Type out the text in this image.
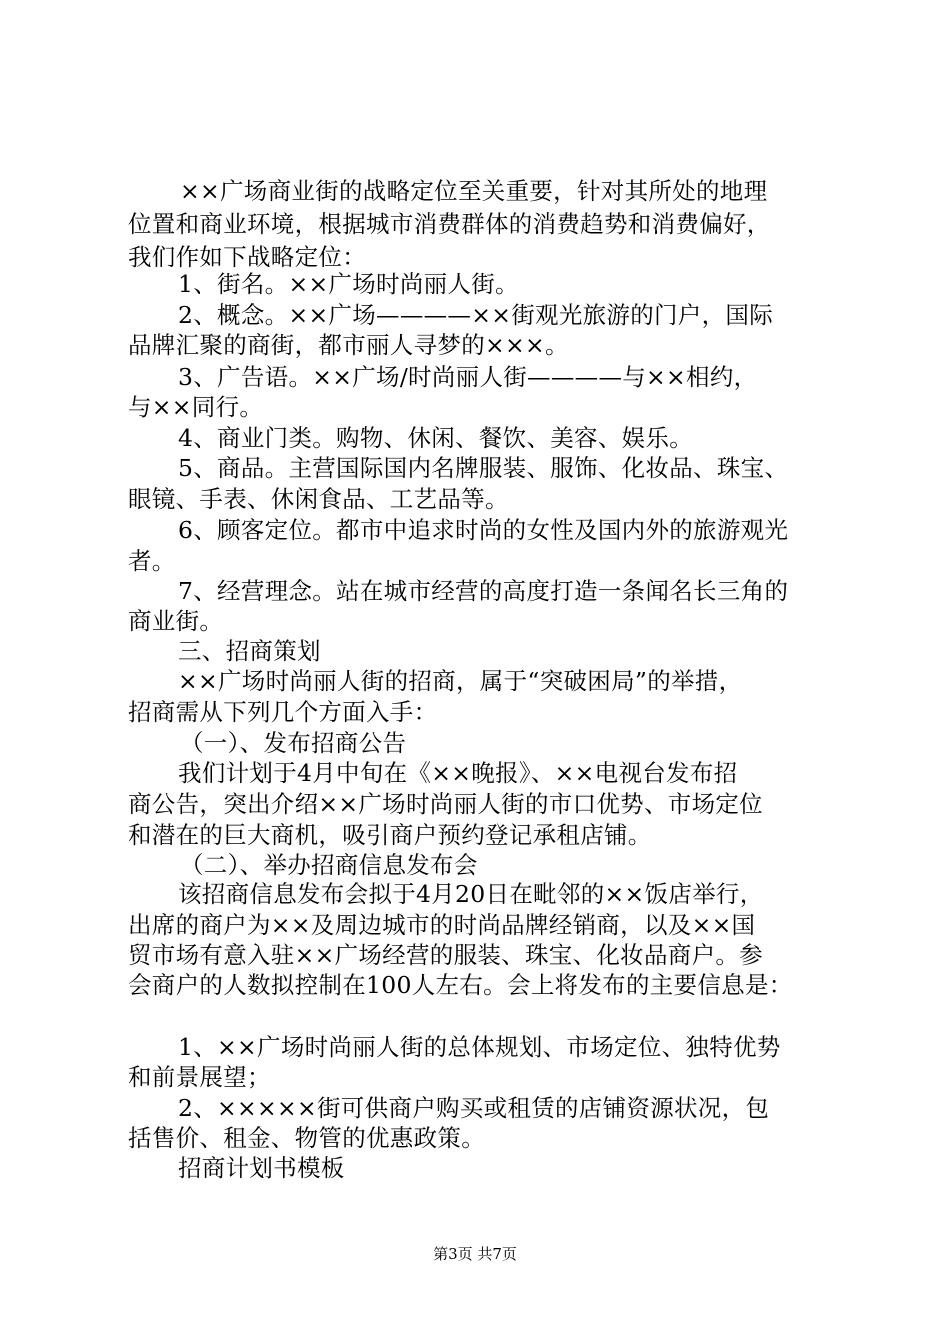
××广场商业街的战略定位至关重要，针对其所处的地理
位置和商业环境，根据城市消费群体的消费趋势和消费偏好，
我们作如下战略定位：
1、街名。××广场时尚丽人街。
2、概念。××广场————××街观光旅游的门户，国际
品牌汇聚的商街，都市丽人寻梦的×××。
3、广告语。××广场/时尚丽人街————与××相约，
与××同行。
4、商业门类。购物、休闲、餐饮、美容、娱乐。
5、商品。主营国际国内名牌服装、服饰、化妆品、珠宝、
眼镜、手表、休闲食品、工艺品等。
6、顾客定位。都市中追求时尚的女性及国内外的旅游观光
者。
7、经营理念。站在城市经营的高度打造一条闻名长三角的
商业街。
三、招商策划
××广场时尚丽人街的招商，属于“突破困局”的举措，
招商需从下列几个方面入手：
（一）、发布招商公告
我们计划于4月中旬在《××晚报》、××电视台发布招
商公告，突出介绍××广场时尚丽人街的市口优势、市场定位
和潜在的巨大商机，吸引商户预约登记承租店铺。
（二）、举办招商信息发布会
该招商信息发布会拟于4月20日在毗邻的××饭店举行，
出席的商户为××及周边城市的时尚品牌经销商，以及××国
贸市场有意入驻××广场经营的服装、珠宝、化妆品商户。参
会商户的人数拟控制在100人左右。会上将发布的主要信息是：
1、××广场时尚丽人街的总体规划、市场定位、独特优势
和前景展望；
2、×××××街可供商户购买或租赁的店铺资源状况，包
括售价、租金、物管的优惠政策。
招商计划书模板
第3页 共7页
